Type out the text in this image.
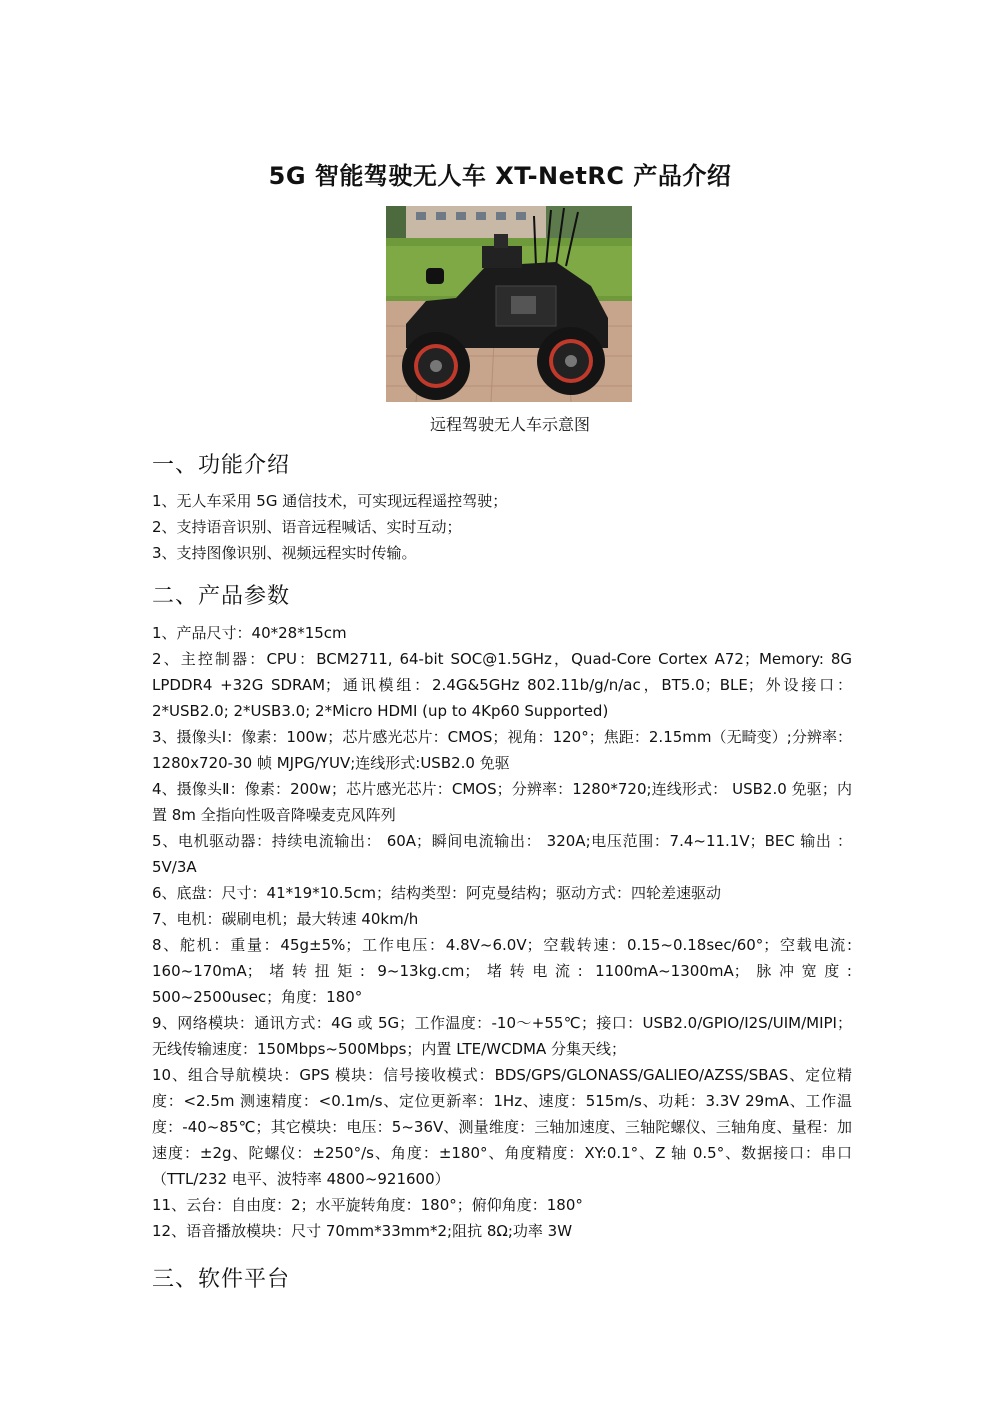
5G 智能驾驶无人车 XT-NetRC 产品介绍
远程驾驶无人车示意图
一、功能介绍

1、无人车采用 5G 通信技术，可实现远程遥控驾驶；

2、支持语音识别、语音远程喊话、实时互动；

3、支持图像识别、视频远程实时传输。

二、产品参数

1、产品尺寸：40*28*15cm

2、主控制器：CPU：BCM2711, 64-bit SOC@1.5GHz，Quad-Core Cortex A72；Memory: 8G LPDDR4 +32G SDRAM；通讯模组：2.4G&5GHz 802.11b/g/n/ac，BT5.0；BLE；外设接口：2*USB2.0; 2*USB3.0; 2*Micro HDMI (up to 4Kp60 Supported)

3、摄像头Ⅰ：像素：100w；芯片感光芯片：CMOS；视角：120°；焦距：2.15mm（无畸变）;分辨率：1280x720-30 帧 MJPG/YUV;连线形式:USB2.0 免驱

4、摄像头Ⅱ：像素：200w；芯片感光芯片：CMOS；分辨率：1280*720;连线形式： USB2.0 免驱；内置 8m 全指向性吸音降噪麦克风阵列

5、电机驱动器：持续电流输出： 60A；瞬间电流输出： 320A;电压范围：7.4~11.1V；BEC 输出 ：5V/3A

6、底盘：尺寸：41*19*10.5cm；结构类型：阿克曼结构；驱动方式：四轮差速驱动

7、电机：碳刷电机；最大转速 40km/h

8、舵机：重量：45g±5%；工作电压：4.8V~6.0V；空载转速：0.15~0.18sec/60°；空载电流: 160~170mA；堵转扭矩: 9~13kg.cm；堵转电流: 1100mA~1300mA；脉冲宽度: 500~2500usec；角度：180°

9、网络模块：通讯方式：4G 或 5G；工作温度：-10～+55℃；接口：USB2.0/GPIO/I2S/UIM/MIPI；无线传输速度：150Mbps~500Mbps；内置 LTE/WCDMA 分集天线；

10、组合导航模块：GPS 模块：信号接收模式：BDS/GPS/GLONASS/GALIEO/AZSS/SBAS、定位精度：<2.5m 测速精度：<0.1m/s、定位更新率：1Hz、速度：515m/s、功耗：3.3V 29mA、工作温度：-40~85℃；其它模块：电压：5~36V、测量维度：三轴加速度、三轴陀螺仪、三轴角度、量程：加速度：±2g、陀螺仪：±250°/s、角度：±180°、角度精度：XY:0.1°、Z 轴 0.5°、数据接口：串口（TTL/232 电平、波特率 4800~921600）

11、云台：自由度：2；水平旋转角度：180°；俯仰角度：180°

12、语音播放模块：尺寸 70mm*33mm*2;阻抗 8Ω;功率 3W

三、软件平台
